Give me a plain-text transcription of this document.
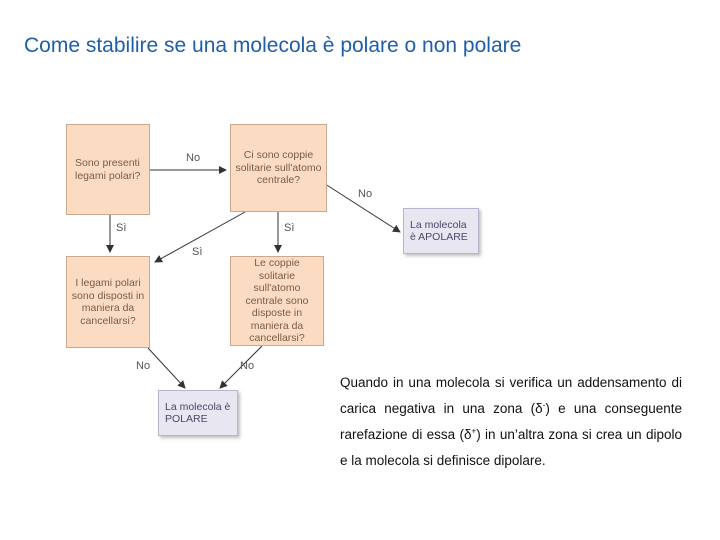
Come stabilire se una molecola è polare o non polare
Sono presenti legami polari?
Ci sono coppie solitarie sull'atomo centrale?
I legami polari sono disposti in maniera da cancellarsi?
Le coppie solitarie sull'atomo centrale sono disposte in maniera da cancellarsi?
La molecola è APOLARE
La molecola è POLARE
No
No
Sì	Sì
Sì
No	No
Quando in una molecola si verifica un addensamento di carica negativa in una zona (δ-) e una conseguente rarefazione di essa (δ+) in un’altra zona si crea un dipolo e la molecola si definisce dipolare.
